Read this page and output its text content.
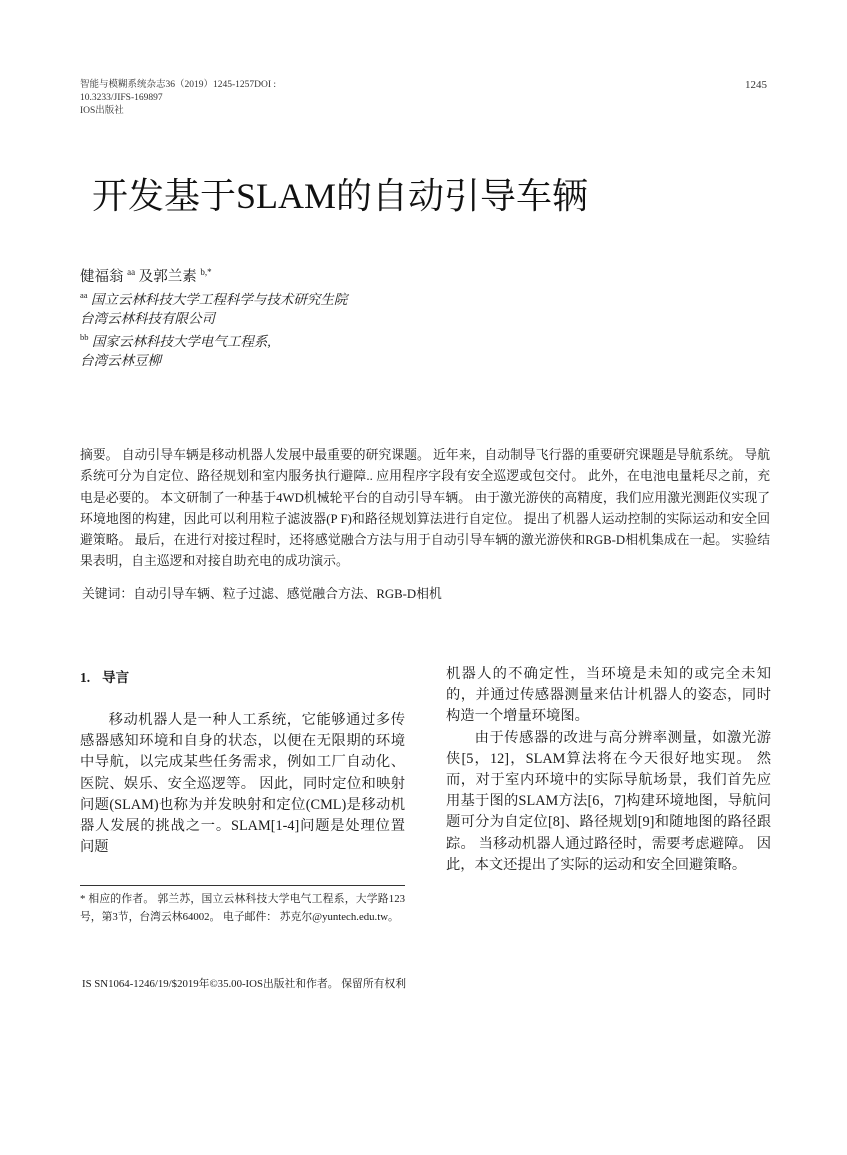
智能与模糊系统杂志36（2019）1245-1257DOI :
10.3233/JIFS-169897
IOS出版社
1245
开发基于SLAM的自动引导车辆
健福翁 $^{aa}$ 及郭兰素 $^{b,*}$
$^{aa}$ 国立云林科技大学工程科学与技术研究生院
台湾云林科技有限公司
$^{bb}$ 国家云林科技大学电气工程系,
台湾云林豆柳
摘要。 自动引导车辆是移动机器人发展中最重要的研究课题。 近年来，自动制导飞行器的重要研究课题是导航系统。 导航系统可分为自定位、路径规划和室内服务执行避障.. 应用程序字段有安全巡逻或包交付。 此外，在电池电量耗尽之前，充电是必要的。 本文研制了一种基于4WD机械轮平台的自动引导车辆。 由于激光游侠的高精度，我们应用激光测距仪实现了环境地图的构建，因此可以利用粒子滤波器(P F)和路径规划算法进行自定位。 提出了机器人运动控制的实际运动和安全回避策略。 最后，在进行对接过程时，还将感觉融合方法与用于自动引导车辆的激光游侠和RGB-D相机集成在一起。 实验结果表明，自主巡逻和对接自助充电的成功演示。
关键词：自动引导车辆、粒子过滤、感觉融合方法、RGB-D相机
1. 导言

移动机器人是一种人工系统，它能够通过多传感器感知环境和自身的状态，以便在无限期的环境中导航，以完成某些任务需求，例如工厂自动化、医院、娱乐、安全巡逻等。 因此，同时定位和映射问题(SLAM)也称为并发映射和定位(CML)是移动机器人发展的挑战之一。SLAM[1-4]问题是处理位置问题

机器人的不确定性，当环境是未知的或完全未知的，并通过传感器测量来估计机器人的姿态，同时构造一个增量环境图。

由于传感器的改进与高分辨率测量，如激光游侠[5，12]，SLAM算法将在今天很好地实现。 然而，对于室内环境中的实际导航场景，我们首先应用基于图的SLAM方法[6，7]构建环境地图，导航问题可分为自定位[8]、路径规划[9]和随地图的路径跟踪。 当移动机器人通过路径时，需要考虑避障。 因此，本文还提出了实际的运动和安全回避策略。

* 相应的作者。 郭兰苏，国立云林科技大学电气工程系，大学路123号，第3节，台湾云林64002。 电子邮件： 苏克尔@yuntech.edu.tw。
IS SN1064-1246/19/$2019年©35.00-IOS出版社和作者。 保留所有权利
